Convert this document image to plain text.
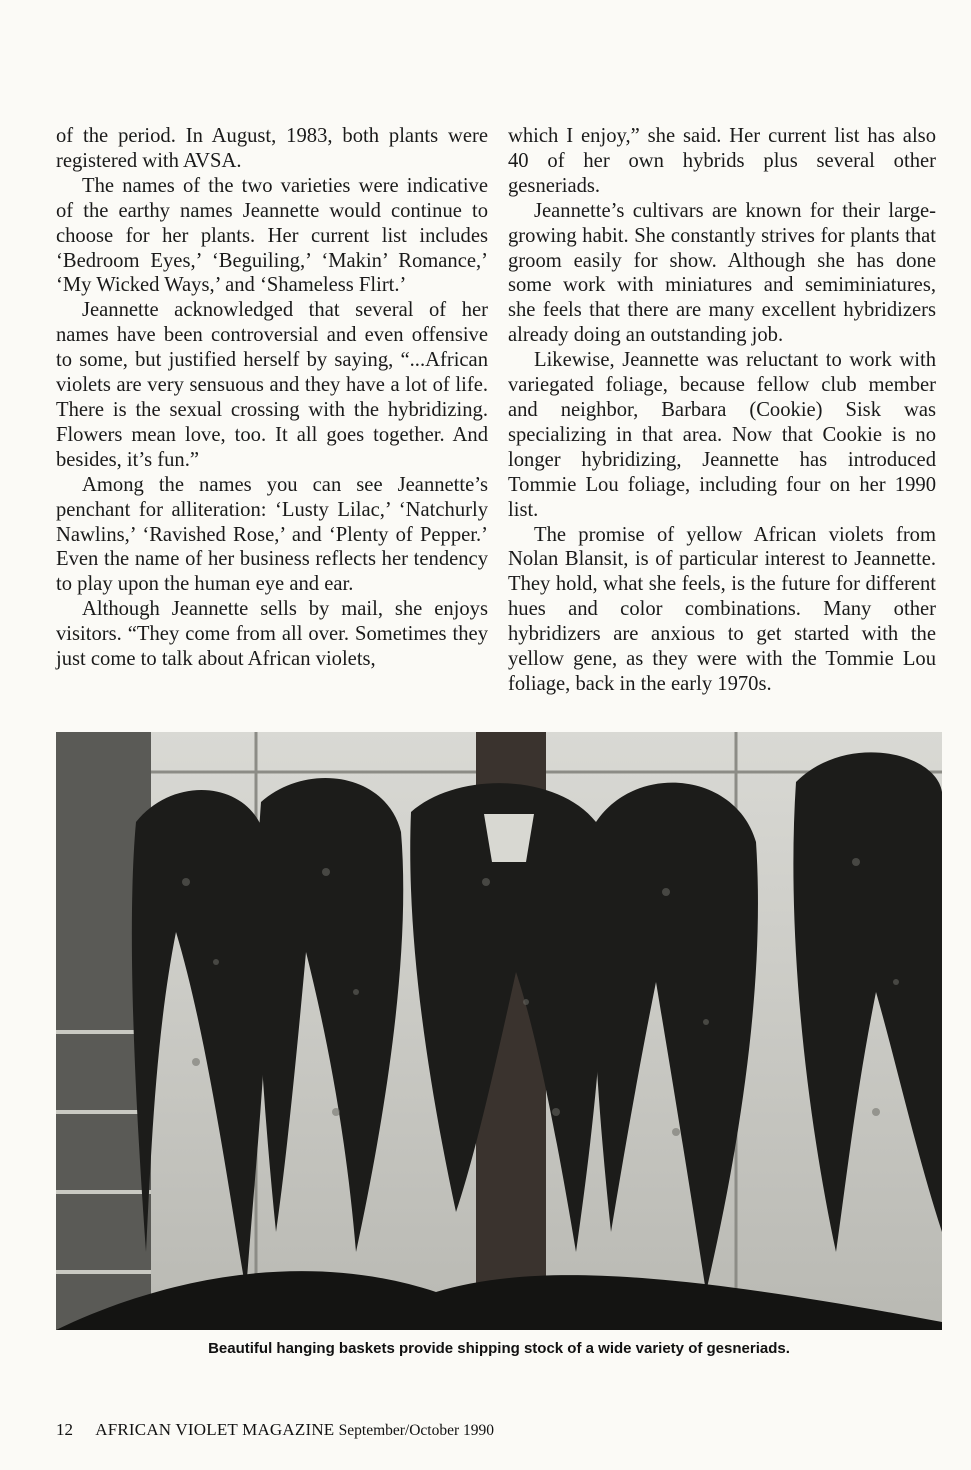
of the period. In August, 1983, both plants were registered with AVSA.

The names of the two varieties were indicative of the earthy names Jeannette would continue to choose for her plants. Her current list includes ‘Bedroom Eyes,’ ‘Beguiling,’ ‘Makin’ Romance,’ ‘My Wicked Ways,’ and ‘Shameless Flirt.’

Jeannette acknowledged that several of her names have been controversial and even offensive to some, but justified herself by saying, “...African violets are very sensuous and they have a lot of life. There is the sexual crossing with the hybridizing. Flowers mean love, too. It all goes together. And besides, it’s fun.”

Among the names you can see Jeannette’s penchant for alliteration: ‘Lusty Lilac,’ ‘Natchurly Nawlins,’ ‘Ravished Rose,’ and ‘Plenty of Pepper.’ Even the name of her business reflects her tendency to play upon the human eye and ear.

Although Jeannette sells by mail, she enjoys visitors. “They come from all over. Sometimes they just come to talk about African violets,

which I enjoy,” she said. Her current list has also 40 of her own hybrids plus several other gesneriads.

Jeannette’s cultivars are known for their large-growing habit. She constantly strives for plants that groom easily for show. Although she has done some work with miniatures and semiminiatures, she feels that there are many excellent hybridizers already doing an outstanding job.

Likewise, Jeannette was reluctant to work with variegated foliage, because fellow club member and neighbor, Barbara (Cookie) Sisk was specializing in that area. Now that Cookie is no longer hybridizing, Jeannette has introduced Tommie Lou foliage, including four on her 1990 list.

The promise of yellow African violets from Nolan Blansit, is of particular interest to Jeannette. They hold, what she feels, is the future for different hues and color combinations. Many other hybridizers are anxious to get started with the yellow gene, as they were with the Tommie Lou foliage, back in the early 1970s.

Beautiful hanging baskets provide shipping stock of a wide variety of gesneriads.
12 AFRICAN VIOLET MAGAZINE September/October 1990
